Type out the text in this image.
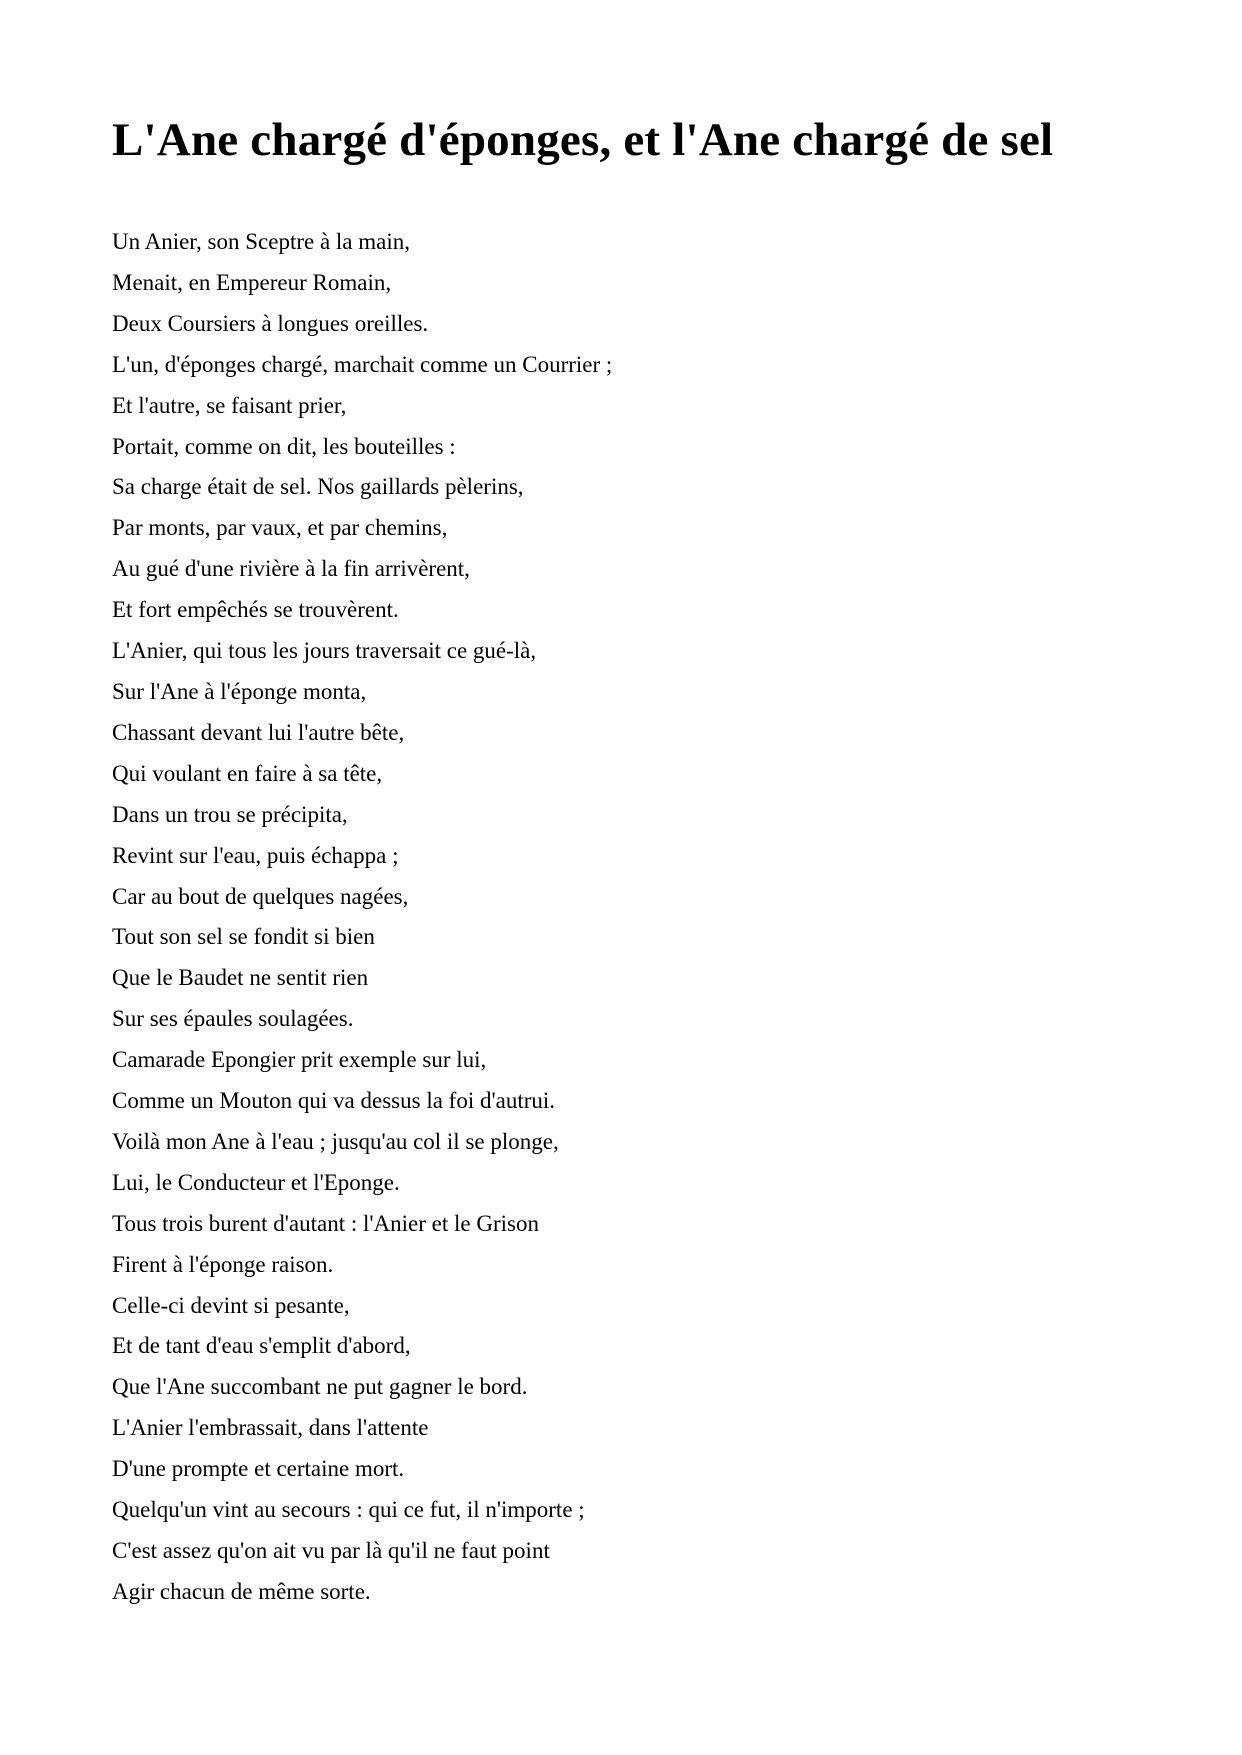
L'Ane chargé d'éponges, et l'Ane chargé de sel
Un Anier, son Sceptre à la main,
Menait, en Empereur Romain,
Deux Coursiers à longues oreilles.
L'un, d'éponges chargé, marchait comme un Courrier ;
Et l'autre, se faisant prier,
Portait, comme on dit, les bouteilles :
Sa charge était de sel. Nos gaillards pèlerins,
Par monts, par vaux, et par chemins,
Au gué d'une rivière à la fin arrivèrent,
Et fort empêchés se trouvèrent.
L'Anier, qui tous les jours traversait ce gué-là,
Sur l'Ane à l'éponge monta,
Chassant devant lui l'autre bête,
Qui voulant en faire à sa tête,
Dans un trou se précipita,
Revint sur l'eau, puis échappa ;
Car au bout de quelques nagées,
Tout son sel se fondit si bien
Que le Baudet ne sentit rien
Sur ses épaules soulagées.
Camarade Epongier prit exemple sur lui,
Comme un Mouton qui va dessus la foi d'autrui.
Voilà mon Ane à l'eau ; jusqu'au col il se plonge,
Lui, le Conducteur et l'Eponge.
Tous trois burent d'autant : l'Anier et le Grison
Firent à l'éponge raison.
Celle-ci devint si pesante,
Et de tant d'eau s'emplit d'abord,
Que l'Ane succombant ne put gagner le bord.
L'Anier l'embrassait, dans l'attente
D'une prompte et certaine mort.
Quelqu'un vint au secours : qui ce fut, il n'importe ;
C'est assez qu'on ait vu par là qu'il ne faut point
Agir chacun de même sorte.
